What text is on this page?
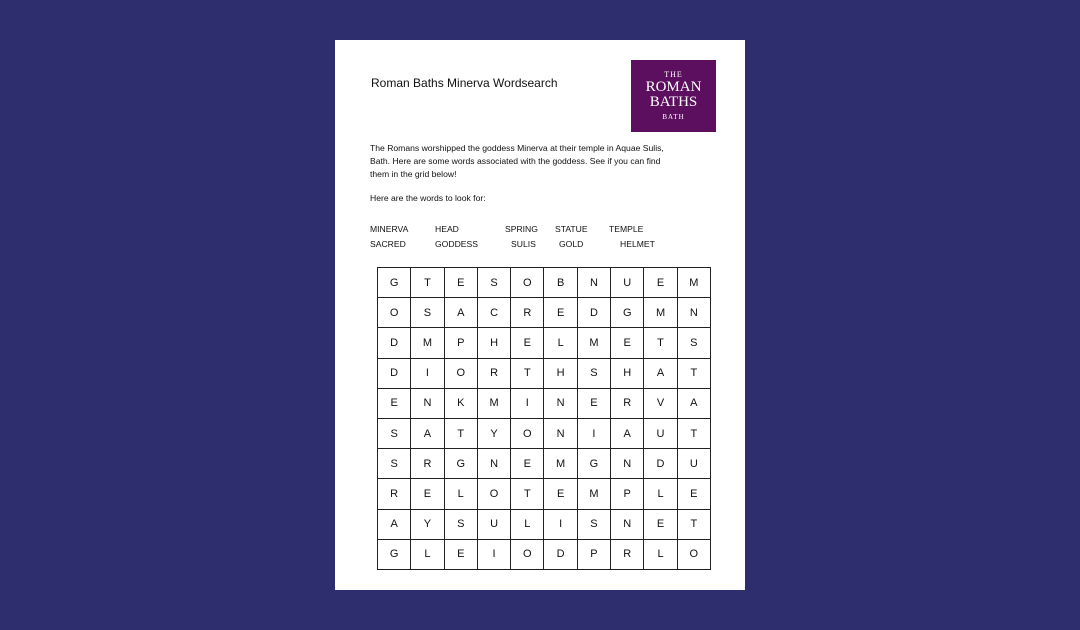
Roman Baths Minerva Wordsearch
THE
ROMAN
BATHS
BATH
The Romans worshipped the goddess Minerva at their temple in Aquae Sulis,
Bath. Here are some words associated with the goddess. See if you can find
them in the grid below!
Here are the words to look for:
MINERVA	HEAD	SPRING STATUE TEMPLE
SACRED	GODDESS	SULIS	GOLD	HELMET
G	T	E	S	O	B	N	U	E	M
O	S	A	C	R	E	D	G	M	N
D	M	P	H	E	L	M	E	T	S
D	I	O	R	T	H	S	H	A	T
E	N	K	M	I	N	E	R	V	A
S	A	T	Y	O	N	I	A	U	T
S	R	G	N	E	M	G	N	D	U
R	E	L	O	T	E	M	P	L	E
A	Y	S	U	L	I	S	N	E	T
G	L	E	I	O	D	P	R	L	O
